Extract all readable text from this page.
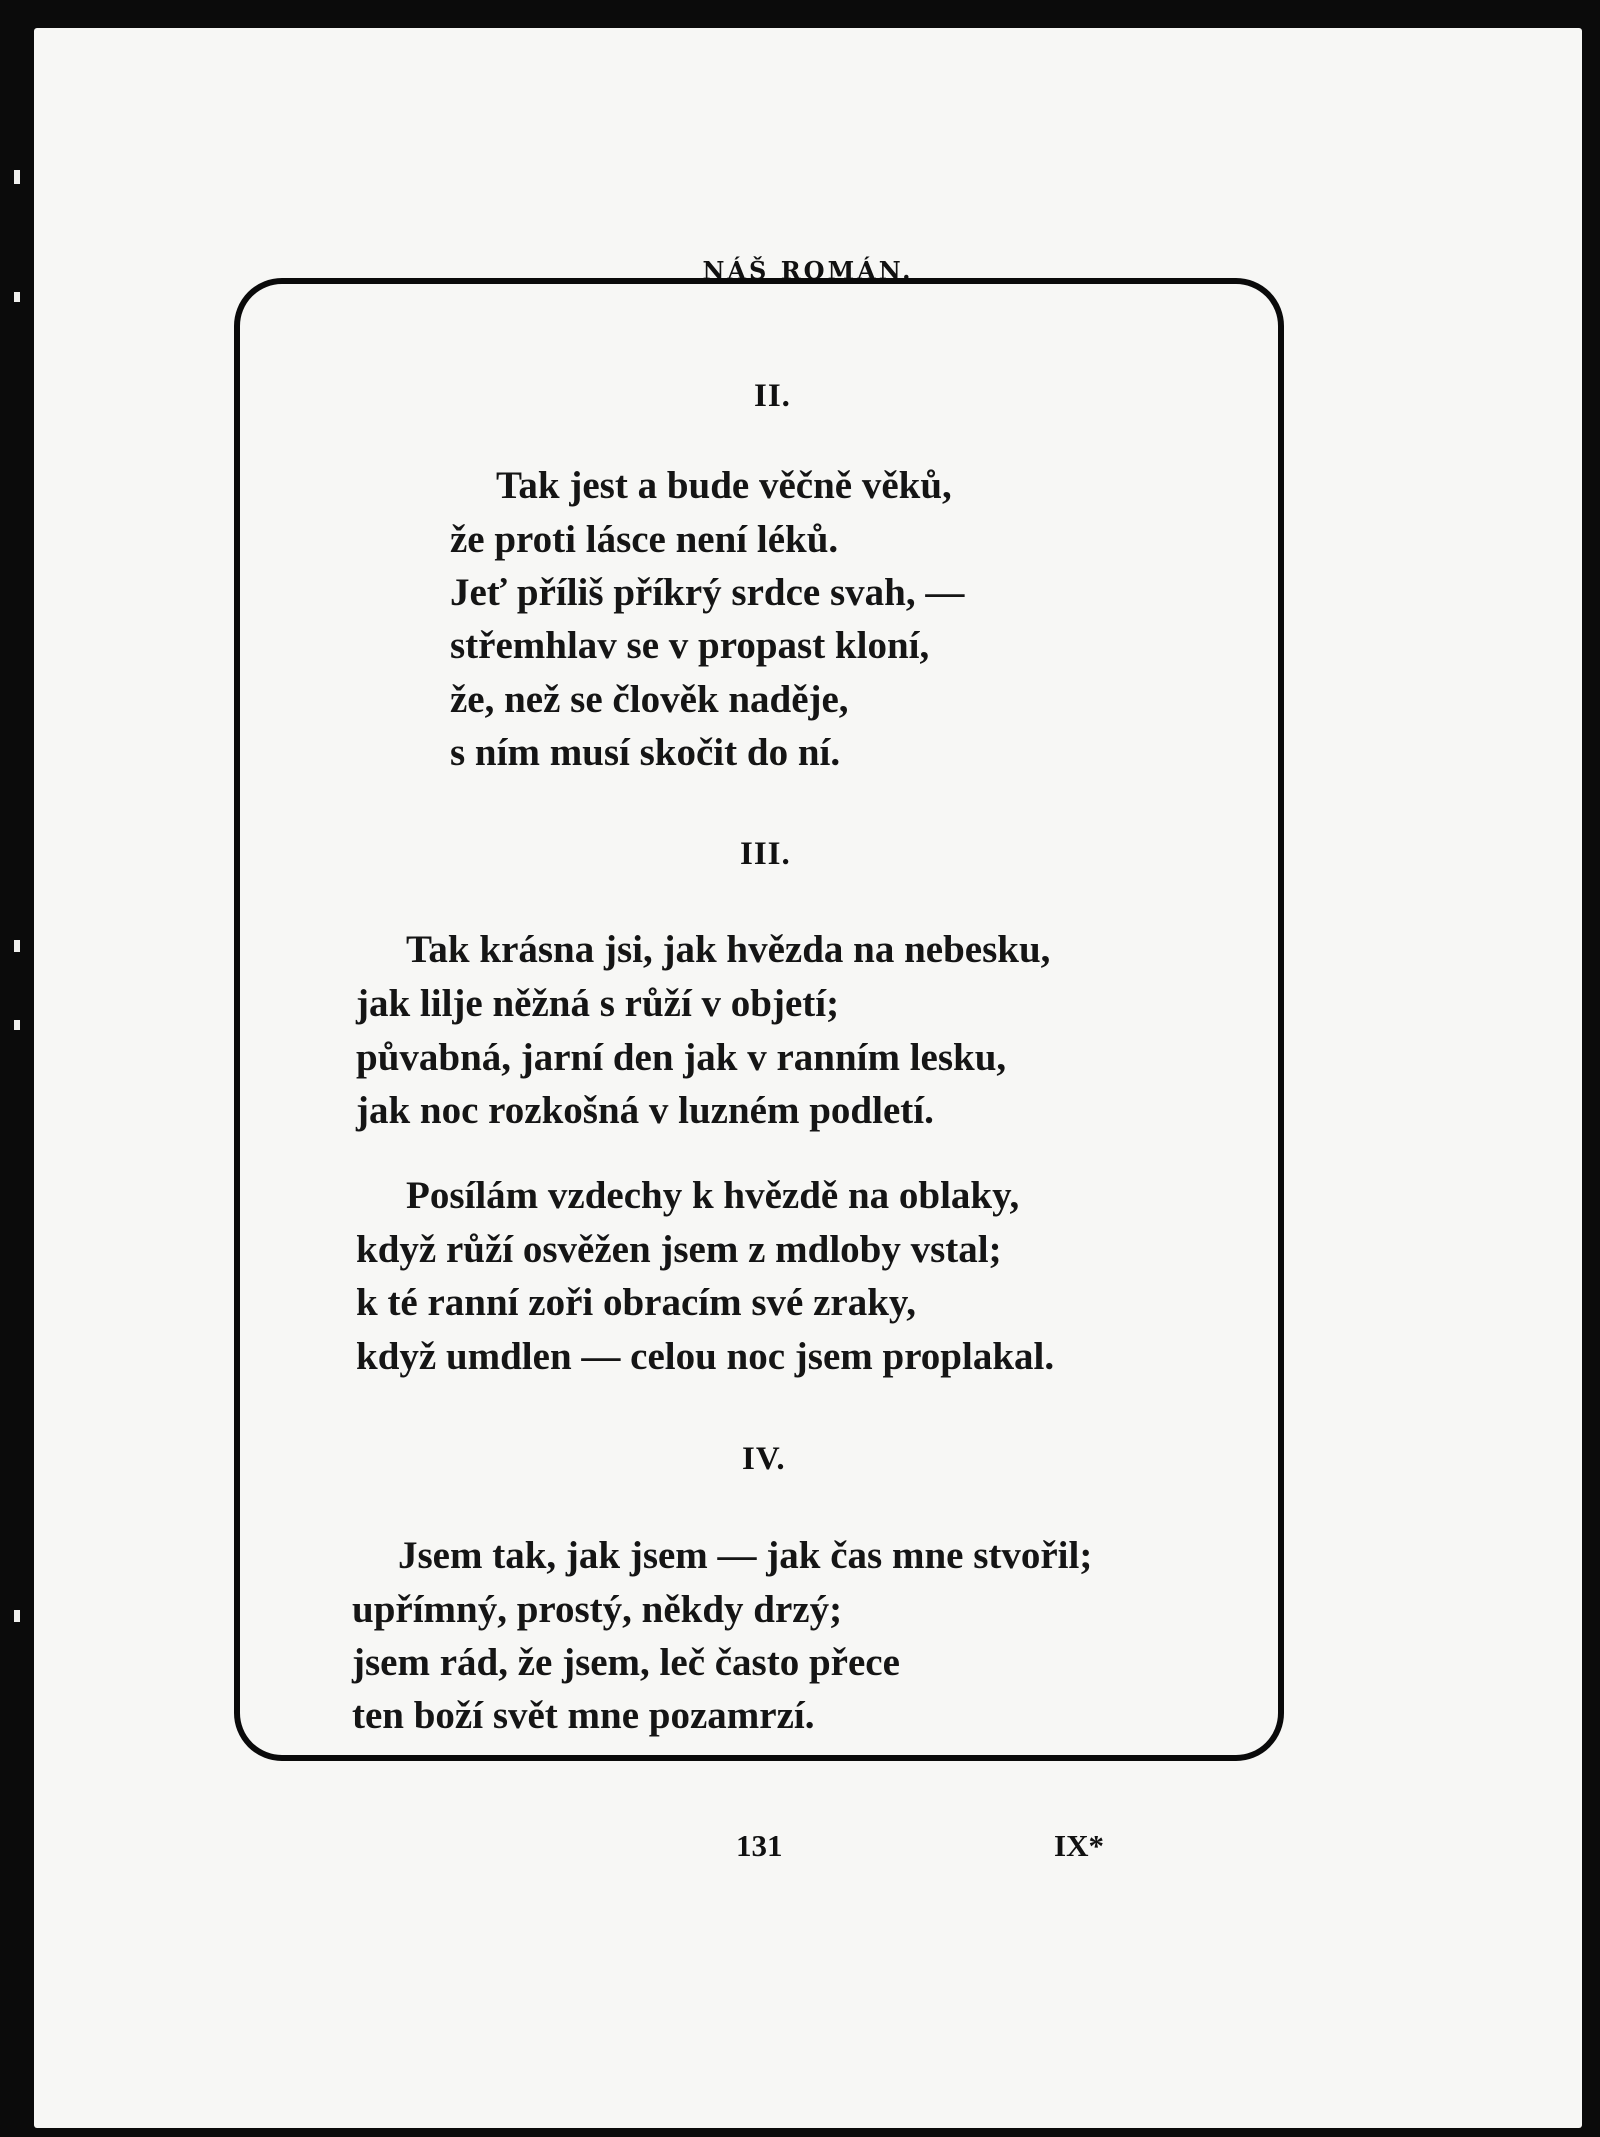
NÁŠ ROMÁN.
II.
Tak jest a bude věčně věků,
že proti lásce není léků.
Jeť příliš příkrý srdce svah, —
střemhlav se v propast kloní,
že, než se člověk naděje,
s ním musí skočit do ní.
III.
Tak krásna jsi, jak hvězda na nebesku,
jak lilje něžná s růží v objetí;
půvabná, jarní den jak v ranním lesku,
jak noc rozkošná v luzném podletí.
Posílám vzdechy k hvězdě na oblaky,
když růží osvěžen jsem z mdloby vstal;
k té ranní zoři obracím své zraky,
když umdlen — celou noc jsem proplakal.
IV.
Jsem tak, jak jsem — jak čas mne stvořil;
upřímný, prostý, někdy drzý;
jsem rád, že jsem, leč často přece
ten boží svět mne pozamrzí.
131	IX*
